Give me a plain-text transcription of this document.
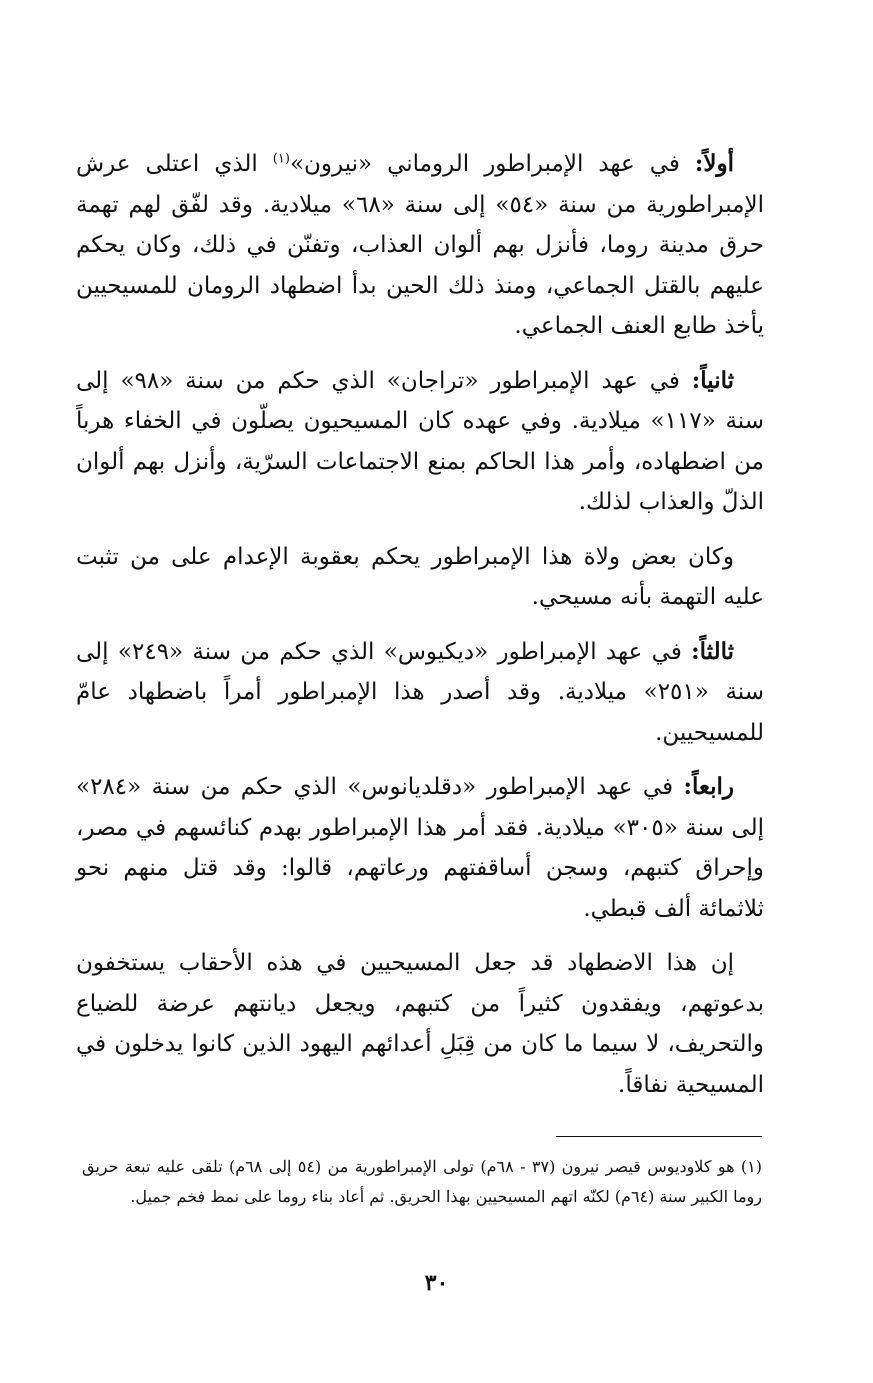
أولاً: في عهد الإمبراطور الروماني «نيرون»$^{(١)}$ الذي اعتلى عرش الإمبراطورية من سنة «٥٤» إلى سنة «٦٨» ميلادية. وقد لفّق لهم تهمة حرق مدينة روما، فأنزل بهم ألوان العذاب، وتفنّن في ذلك، وكان يحكم عليهم بالقتل الجماعي، ومنذ ذلك الحين بدأ اضطهاد الرومان للمسيحيين يأخذ طابع العنف الجماعي.

ثانياً: في عهد الإمبراطور «تراجان» الذي حكم من سنة «٩٨» إلى سنة «١١٧» ميلادية. وفي عهده كان المسيحيون يصلّون في الخفاء هرباً من اضطهاده، وأمر هذا الحاكم بمنع الاجتماعات السرّية، وأنزل بهم ألوان الذلّ والعذاب لذلك.

وكان بعض ولاة هذا الإمبراطور يحكم بعقوبة الإعدام على من تثبت عليه التهمة بأنه مسيحي.

ثالثاً: في عهد الإمبراطور «ديكيوس» الذي حكم من سنة «٢٤٩» إلى سنة «٢٥١» ميلادية. وقد أصدر هذا الإمبراطور أمراً باضطهاد عامّ للمسيحيين.

رابعاً: في عهد الإمبراطور «دقلديانوس» الذي حكم من سنة «٢٨٤» إلى سنة «٣٠٥» ميلادية. فقد أمر هذا الإمبراطور بهدم كنائسهم في مصر، وإحراق كتبهم، وسجن أساقفتهم ورعاتهم، قالوا: وقد قتل منهم نحو ثلاثمائة ألف قبطي.

إن هذا الاضطهاد قد جعل المسيحيين في هذه الأحقاب يستخفون بدعوتهم، ويفقدون كثيراً من كتبهم، ويجعل ديانتهم عرضة للضياع والتحريف، لا سيما ما كان من قِبَلِ أعدائهم اليهود الذين كانوا يدخلون في المسيحية نفاقاً.

(١) هو كلاوديوس قيصر نيرون (٣٧ - ٦٨م) تولى الإمبراطورية من (٥٤ إلى ٦٨م) تلقى عليه تبعة حريق روما الكبير سنة (٦٤م) لكنّه اتهم المسيحيين بهذا الحريق. ثم أعاد بناء روما على نمط فخم جميل.

٣٠
